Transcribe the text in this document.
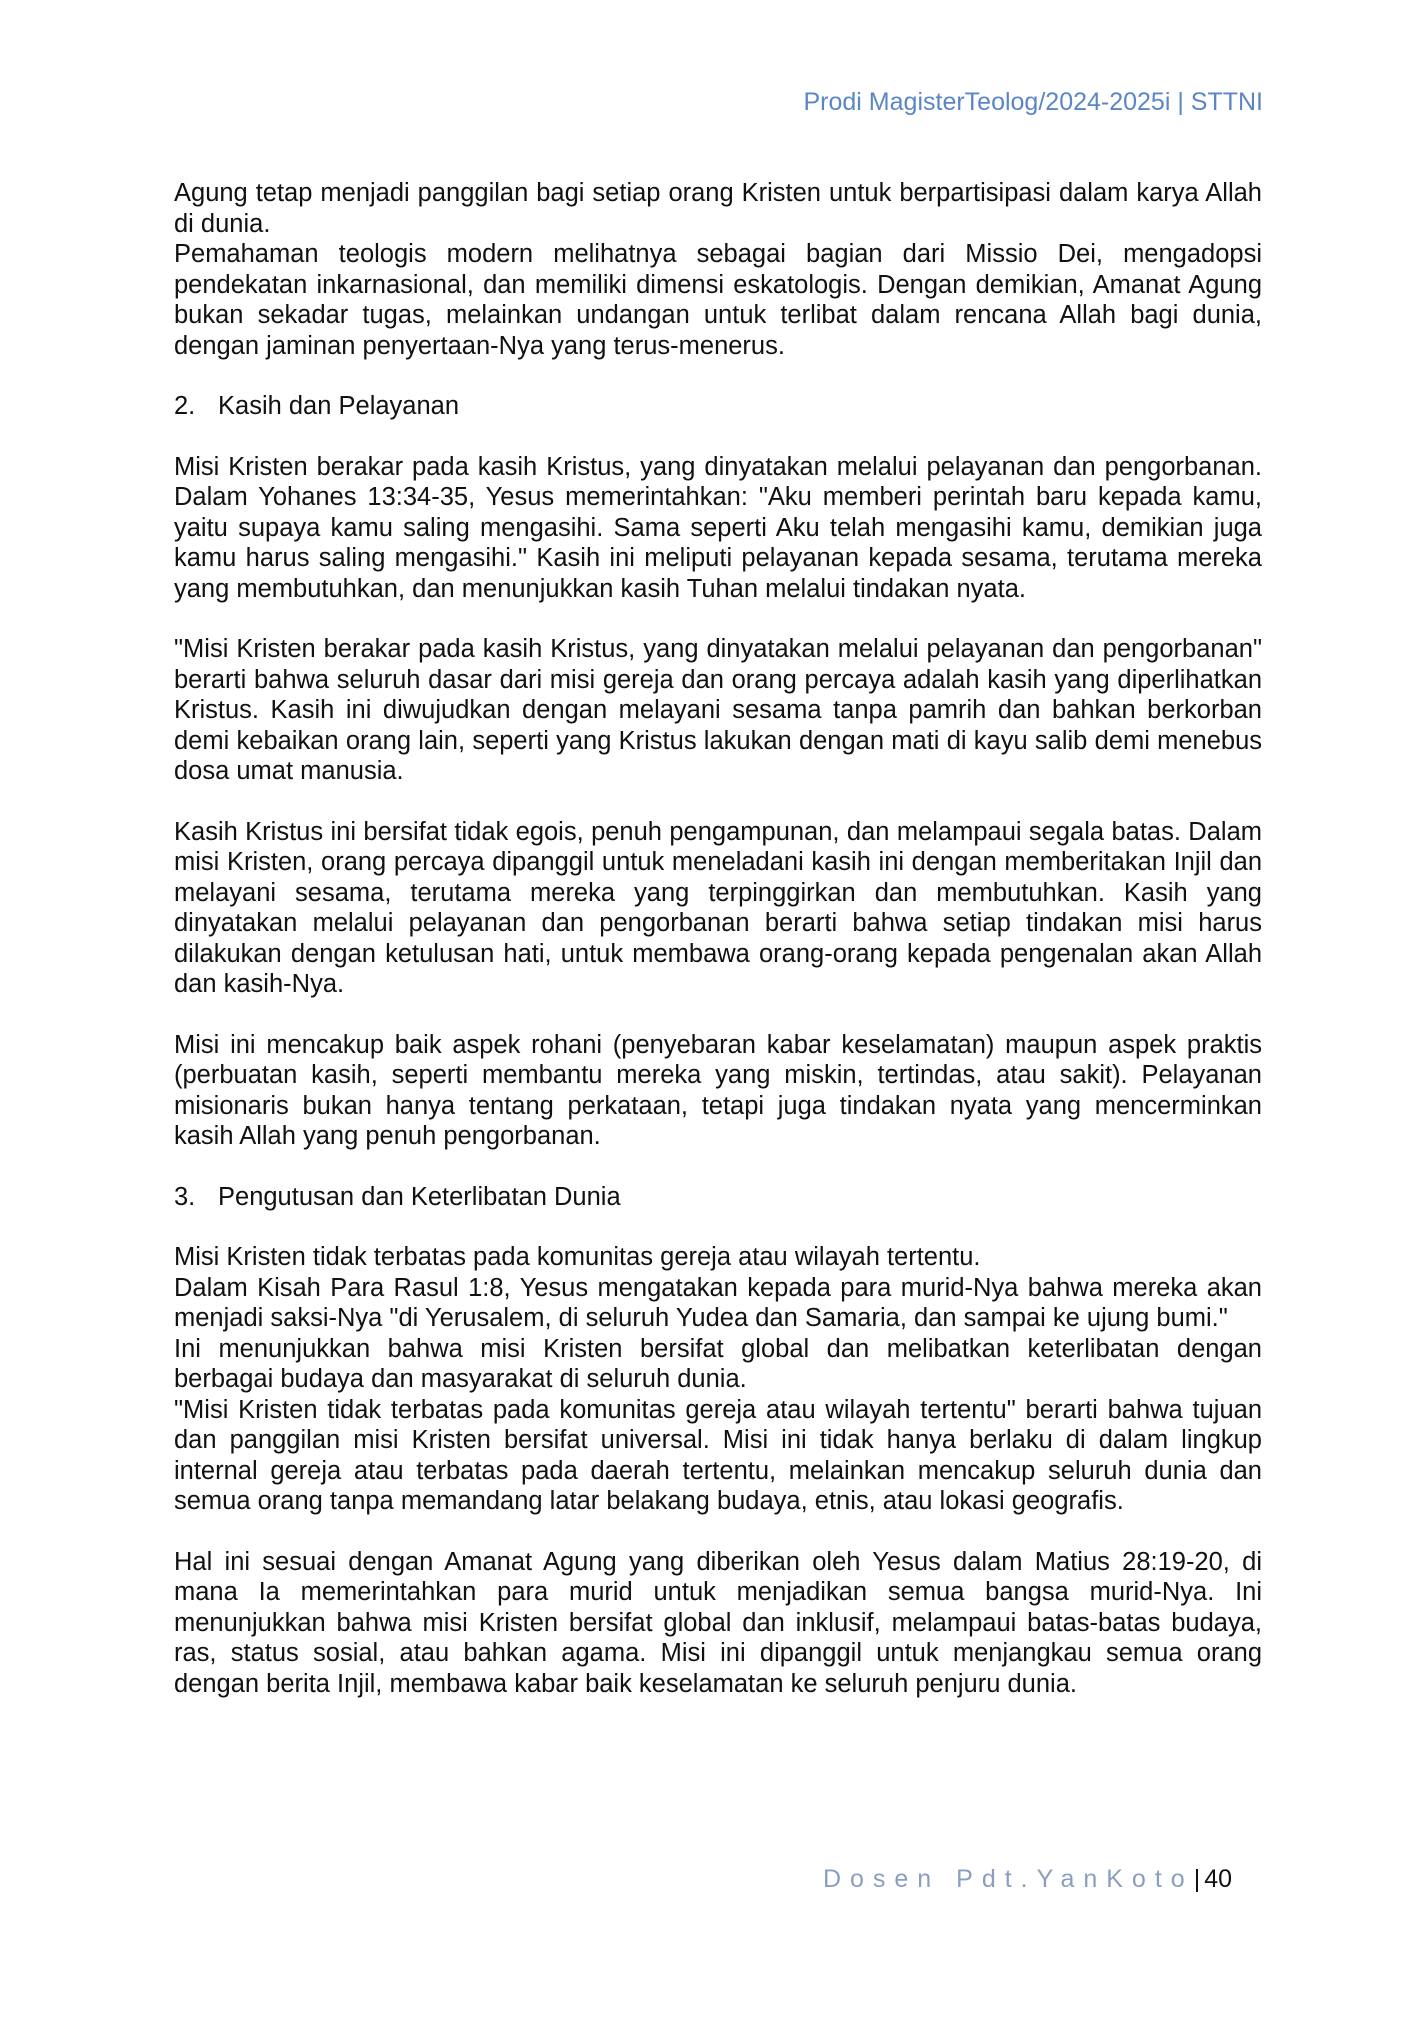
Prodi MagisterTeolog/2024-2025i | STTNI

Agung tetap menjadi panggilan bagi setiap orang Kristen untuk berpartisipasi dalam karya Allah di dunia.

Pemahaman teologis modern melihatnya sebagai bagian dari Missio Dei, mengadopsi pendekatan inkarnasional, dan memiliki dimensi eskatologis. Dengan demikian, Amanat Agung bukan sekadar tugas, melainkan undangan untuk terlibat dalam rencana Allah bagi dunia, dengan jaminan penyertaan-Nya yang terus-menerus.

2. Kasih dan Pelayanan

Misi Kristen berakar pada kasih Kristus, yang dinyatakan melalui pelayanan dan pengorbanan. Dalam Yohanes 13:34-35, Yesus memerintahkan: "Aku memberi perintah baru kepada kamu, yaitu supaya kamu saling mengasihi. Sama seperti Aku telah mengasihi kamu, demikian juga kamu harus saling mengasihi." Kasih ini meliputi pelayanan kepada sesama, terutama mereka yang membutuhkan, dan menunjukkan kasih Tuhan melalui tindakan nyata.

"Misi Kristen berakar pada kasih Kristus, yang dinyatakan melalui pelayanan dan pengorbanan" berarti bahwa seluruh dasar dari misi gereja dan orang percaya adalah kasih yang diperlihatkan Kristus. Kasih ini diwujudkan dengan melayani sesama tanpa pamrih dan bahkan berkorban demi kebaikan orang lain, seperti yang Kristus lakukan dengan mati di kayu salib demi menebus dosa umat manusia.

Kasih Kristus ini bersifat tidak egois, penuh pengampunan, dan melampaui segala batas. Dalam misi Kristen, orang percaya dipanggil untuk meneladani kasih ini dengan memberitakan Injil dan melayani sesama, terutama mereka yang terpinggirkan dan membutuhkan. Kasih yang dinyatakan melalui pelayanan dan pengorbanan berarti bahwa setiap tindakan misi harus dilakukan dengan ketulusan hati, untuk membawa orang-orang kepada pengenalan akan Allah dan kasih-Nya.

Misi ini mencakup baik aspek rohani (penyebaran kabar keselamatan) maupun aspek praktis (perbuatan kasih, seperti membantu mereka yang miskin, tertindas, atau sakit). Pelayanan misionaris bukan hanya tentang perkataan, tetapi juga tindakan nyata yang mencerminkan kasih Allah yang penuh pengorbanan.

3. Pengutusan dan Keterlibatan Dunia

Misi Kristen tidak terbatas pada komunitas gereja atau wilayah tertentu.

Dalam Kisah Para Rasul 1:8, Yesus mengatakan kepada para murid-Nya bahwa mereka akan menjadi saksi-Nya "di Yerusalem, di seluruh Yudea dan Samaria, dan sampai ke ujung bumi."

Ini menunjukkan bahwa misi Kristen bersifat global dan melibatkan keterlibatan dengan berbagai budaya dan masyarakat di seluruh dunia.

"Misi Kristen tidak terbatas pada komunitas gereja atau wilayah tertentu" berarti bahwa tujuan dan panggilan misi Kristen bersifat universal. Misi ini tidak hanya berlaku di dalam lingkup internal gereja atau terbatas pada daerah tertentu, melainkan mencakup seluruh dunia dan semua orang tanpa memandang latar belakang budaya, etnis, atau lokasi geografis.

Hal ini sesuai dengan Amanat Agung yang diberikan oleh Yesus dalam Matius 28:19-20, di mana Ia memerintahkan para murid untuk menjadikan semua bangsa murid-Nya. Ini menunjukkan bahwa misi Kristen bersifat global dan inklusif, melampaui batas-batas budaya, ras, status sosial, atau bahkan agama. Misi ini dipanggil untuk menjangkau semua orang dengan berita Injil, membawa kabar baik keselamatan ke seluruh penjuru dunia.

Dosen Pdt.YanKoto| 40
